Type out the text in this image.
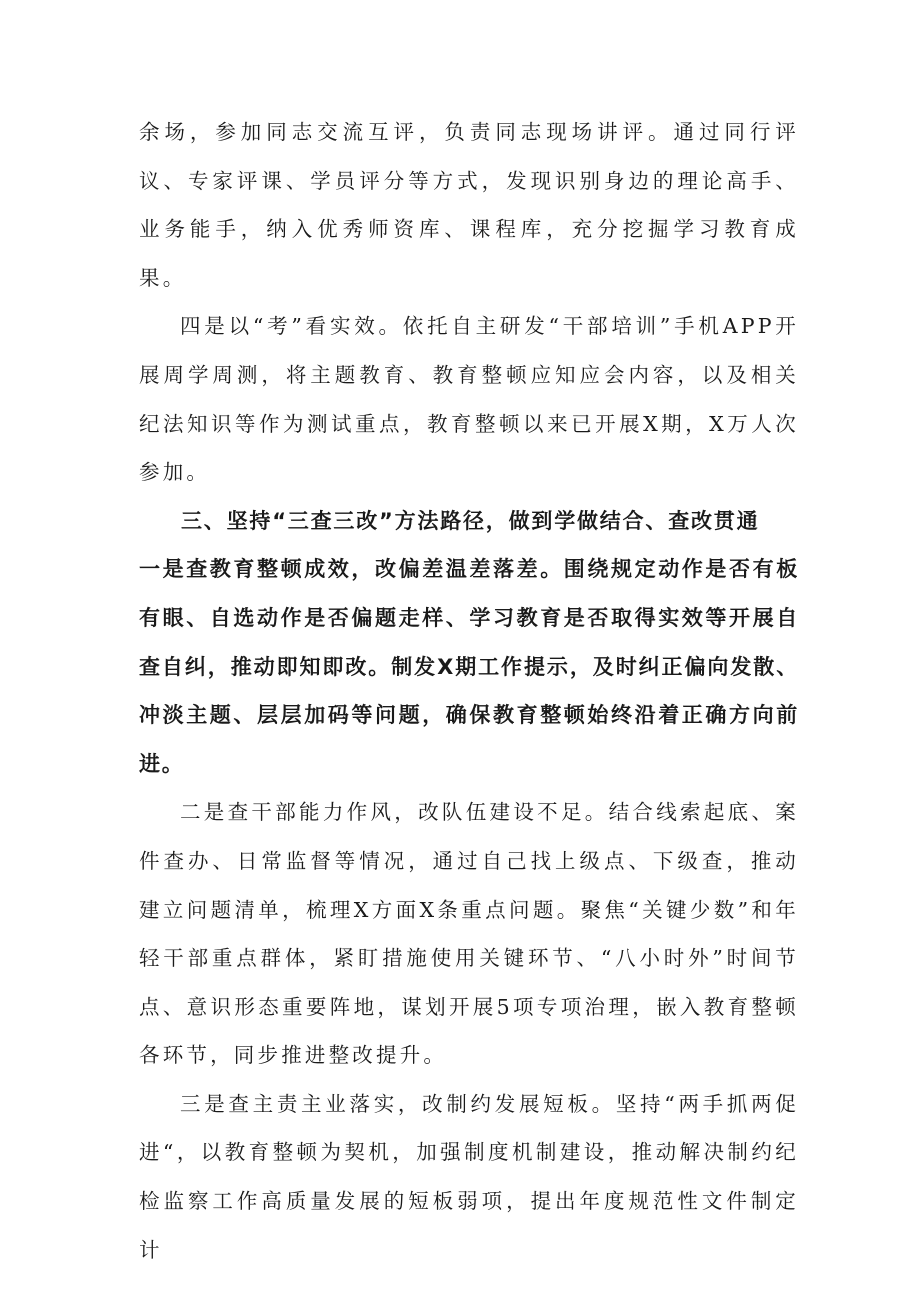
余场，参加同志交流互评，负责同志现场讲评。通过同行评议、专家评课、学员评分等方式，发现识别身边的理论高手、业务能手，纳入优秀师资库、课程库，充分挖掘学习教育成果。

四是以“考”看实效。依托自主研发“干部培训”手机APP开展周学周测，将主题教育、教育整顿应知应会内容，以及相关纪法知识等作为测试重点，教育整顿以来已开展X期，X万人次参加。

三、坚持“三查三改”方法路径，做到学做结合、查改贯通

一是查教育整顿成效，改偏差温差落差。围绕规定动作是否有板有眼、自选动作是否偏题走样、学习教育是否取得实效等开展自查自纠，推动即知即改。制发X期工作提示，及时纠正偏向发散、冲淡主题、层层加码等问题，确保教育整顿始终沿着正确方向前进。

二是查干部能力作风，改队伍建设不足。结合线索起底、案件查办、日常监督等情况，通过自己找上级点、下级查，推动建立问题清单，梳理X方面X条重点问题。聚焦“关键少数”和年轻干部重点群体，紧盯措施使用关键环节、“八小时外”时间节点、意识形态重要阵地，谋划开展5项专项治理，嵌入教育整顿各环节，同步推进整改提升。

三是查主责主业落实，改制约发展短板。坚持“两手抓两促进“，以教育整顿为契机，加强制度机制建设，推动解决制约纪检监察工作高质量发展的短板弱项，提出年度规范性文件制定计
